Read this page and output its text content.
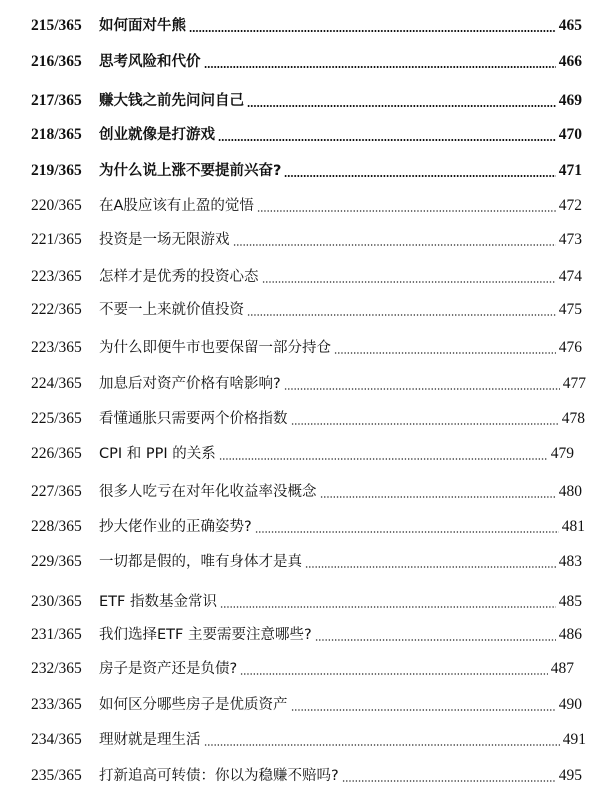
215/365 如何面对牛熊	465
216/365 思考风险和代价	466
217/365 赚大钱之前先问问自己	469
218/365 创业就像是打游戏	470
219/365 为什么说上涨不要提前兴奋?	471
220/365 在A股应该有止盈的觉悟	472
221/365 投资是一场无限游戏	473
223/365 怎样才是优秀的投资心态	474
222/365 不要一上来就价值投资	475
223/365 为什么即便牛市也要保留一部分持仓	476
224/365 加息后对资产价格有啥影响?	477
225/365 看懂通胀只需要两个价格指数	478
226/365 CPI 和 PPI 的关系	479
227/365 很多人吃亏在对年化收益率没概念	480
228/365 抄大佬作业的正确姿势?	481
229/365 一切都是假的，唯有身体才是真	483
230/365 ETF 指数基金常识	485
231/365 我们选择ETF 主要需要注意哪些?	486
232/365 房子是资产还是负债?	487
233/365 如何区分哪些房子是优质资产	490
234/365 理财就是理生活	491
235/365 打新追高可转债：你以为稳赚不赔吗?	495
